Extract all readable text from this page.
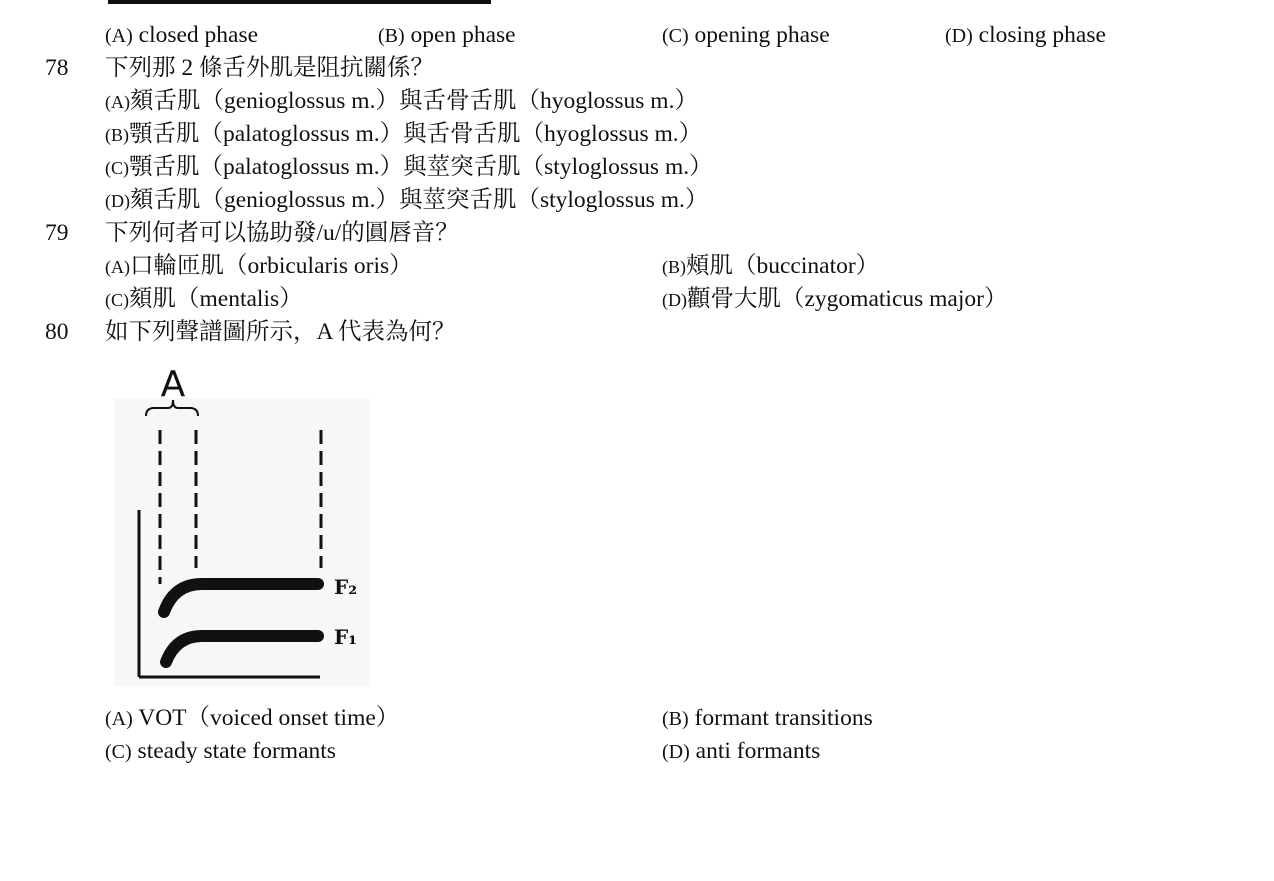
(A) closed phase	(B) open phase	(C) opening phase	(D) closing phase
78 下列那 2 條舌外肌是阻抗關係？
(A)頦舌肌（genioglossus m.）與舌骨舌肌（hyoglossus m.）
(B)顎舌肌（palatoglossus m.）與舌骨舌肌（hyoglossus m.）
(C)顎舌肌（palatoglossus m.）與莖突舌肌（styloglossus m.）
(D)頦舌肌（genioglossus m.）與莖突舌肌（styloglossus m.）
79 下列何者可以協助發/u/的圓唇音？
(A)口輪匝肌（orbicularis oris）	(B)頰肌（buccinator）
(C)頦肌（mentalis）	(D)顴骨大肌（zygomaticus major）
80 如下列聲譜圖所示，A 代表為何？
A
F₂
F₁
(A) VOT（voiced onset time）	(B) formant transitions
(C) steady state formants	(D) anti formants
